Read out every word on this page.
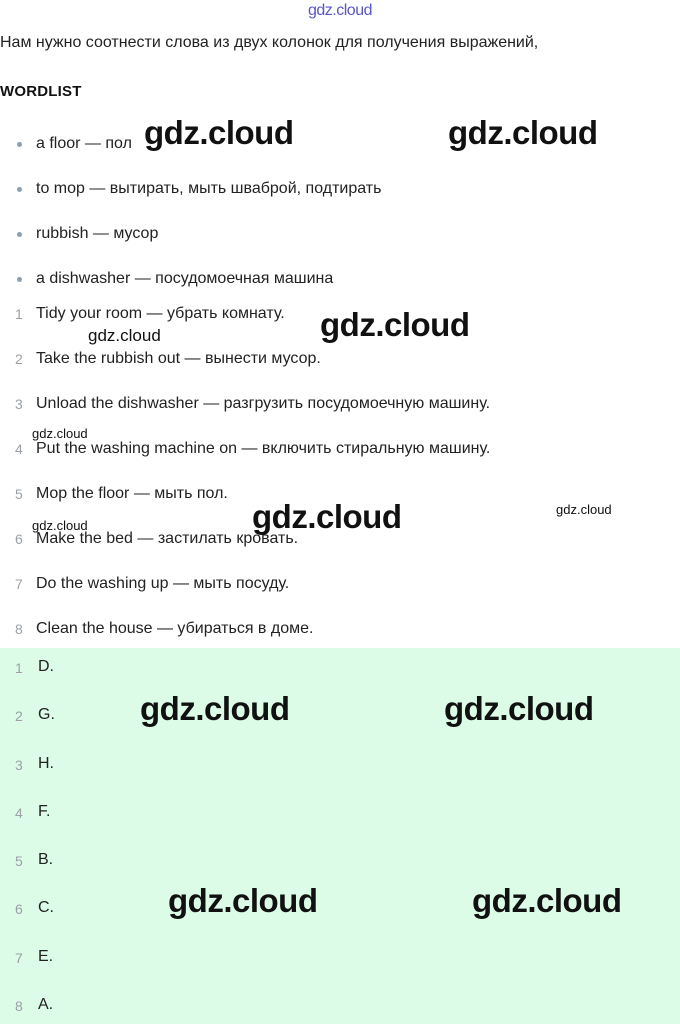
gdz.cloud
Нам нужно соотнести слова из двух колонок для получения выражений,

WORDLIST
a floor — пол
to mop — вытирать, мыть шваброй, подтирать
rubbish — мусор
a dishwasher — посудомоечная машина
1 Tidy your room — убрать комнату.
2 Take the rubbish out — вынести мусор.
3 Unload the dishwasher — разгрузить посудомоечную машину.
4 Put the washing machine on — включить стиральную машину.
5 Mop the floor — мыть пол.
6 Make the bed — застилать кровать.
7 Do the washing up — мыть посуду.
8 Clean the house — убираться в доме.
1 D.
2 G.
3 H.
4 F.
5 B.
6 C.
7 E.
8 A.
gdz.cloud	gdz.cloud
gdz.cloud
gdz.cloud
gdz.cloud
gdz.cloud	gdz.cloud
gdz.cloud
gdz.cloud	gdz.cloud
gdz.cloud	gdz.cloud
